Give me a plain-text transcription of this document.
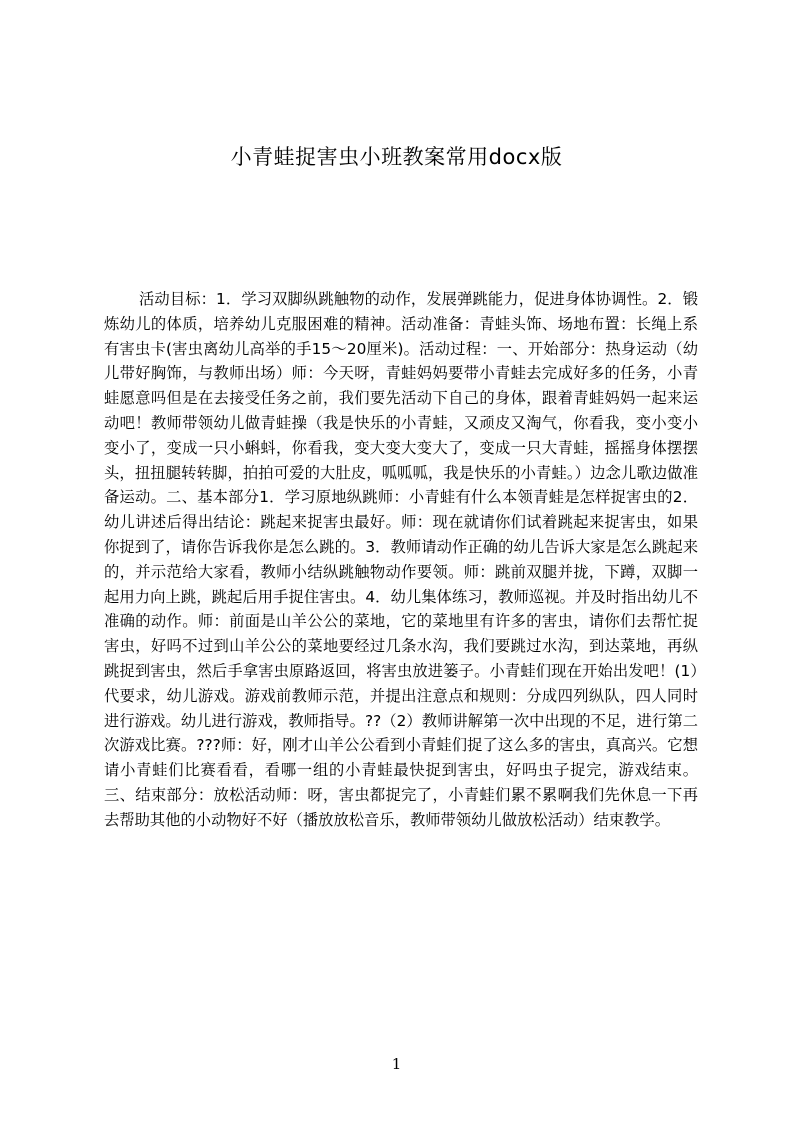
小青蛙捉害虫小班教案常用docx版

活动目标：1．学习双脚纵跳触物的动作，发展弹跳能力，促进身体协调性。2．锻炼幼儿的体质，培养幼儿克服困难的精神。活动准备：青蛙头饰、场地布置：长绳上系有害虫卡(害虫离幼儿高举的手15～20厘米)。活动过程：一、开始部分：热身运动（幼儿带好胸饰，与教师出场）师：今天呀，青蛙妈妈要带小青蛙去完成好多的任务，小青蛙愿意吗但是在去接受任务之前，我们要先活动下自己的身体，跟着青蛙妈妈一起来运动吧！教师带领幼儿做青蛙操（我是快乐的小青蛙，又顽皮又淘气，你看我，变小变小变小了，变成一只小蝌蚪，你看我，变大变大变大了，变成一只大青蛙，摇摇身体摆摆头，扭扭腿转转脚，拍拍可爱的大肚皮，呱呱呱，我是快乐的小青蛙。）边念儿歌边做准备运动。二、基本部分1．学习原地纵跳师：小青蛙有什么本领青蛙是怎样捉害虫的2．幼儿讲述后得出结论：跳起来捉害虫最好。师：现在就请你们试着跳起来捉害虫，如果你捉到了，请你告诉我你是怎么跳的。3．教师请动作正确的幼儿告诉大家是怎么跳起来的，并示范给大家看，教师小结纵跳触物动作要领。师：跳前双腿并拢，下蹲，双脚一起用力向上跳，跳起后用手捉住害虫。4．幼儿集体练习，教师巡视。并及时指出幼儿不准确的动作。师：前面是山羊公公的菜地，它的菜地里有许多的害虫，请你们去帮忙捉害虫，好吗不过到山羊公公的菜地要经过几条水沟，我们要跳过水沟，到达菜地，再纵跳捉到害虫，然后手拿害虫原路返回，将害虫放进篓子。小青蛙们现在开始出发吧！(1）代要求，幼儿游戏。游戏前教师示范，并提出注意点和规则：分成四列纵队，四人同时进行游戏。幼儿进行游戏，教师指导。??（2）教师讲解第一次中出现的不足，进行第二次游戏比赛。???师：好，刚才山羊公公看到小青蛙们捉了这么多的害虫，真高兴。它想请小青蛙们比赛看看，看哪一组的小青蛙最快捉到害虫，好吗虫子捉完，游戏结束。三、结束部分：放松活动师：呀，害虫都捉完了，小青蛙们累不累啊我们先休息一下再去帮助其他的小动物好不好（播放放松音乐，教师带领幼儿做放松活动）结束教学。

1
